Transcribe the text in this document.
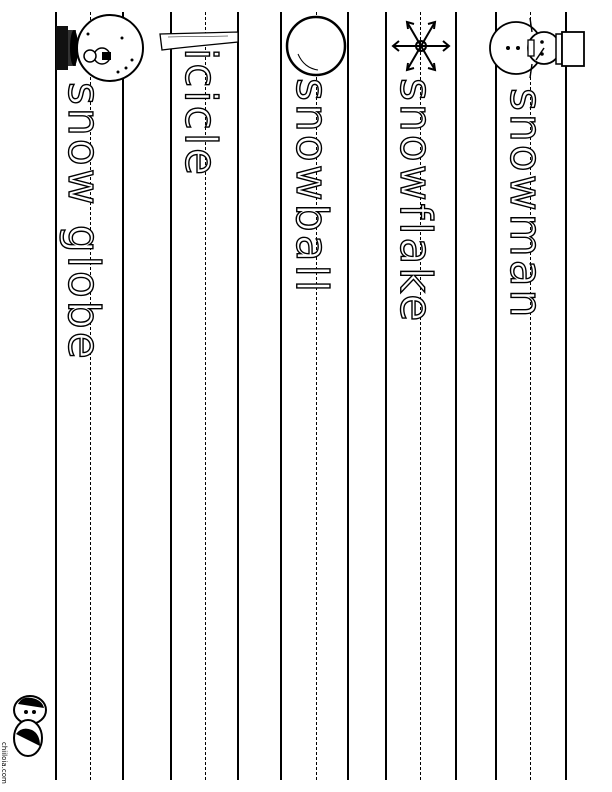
snow globe icicle snowball snowflake snowman
chiiloia.com
